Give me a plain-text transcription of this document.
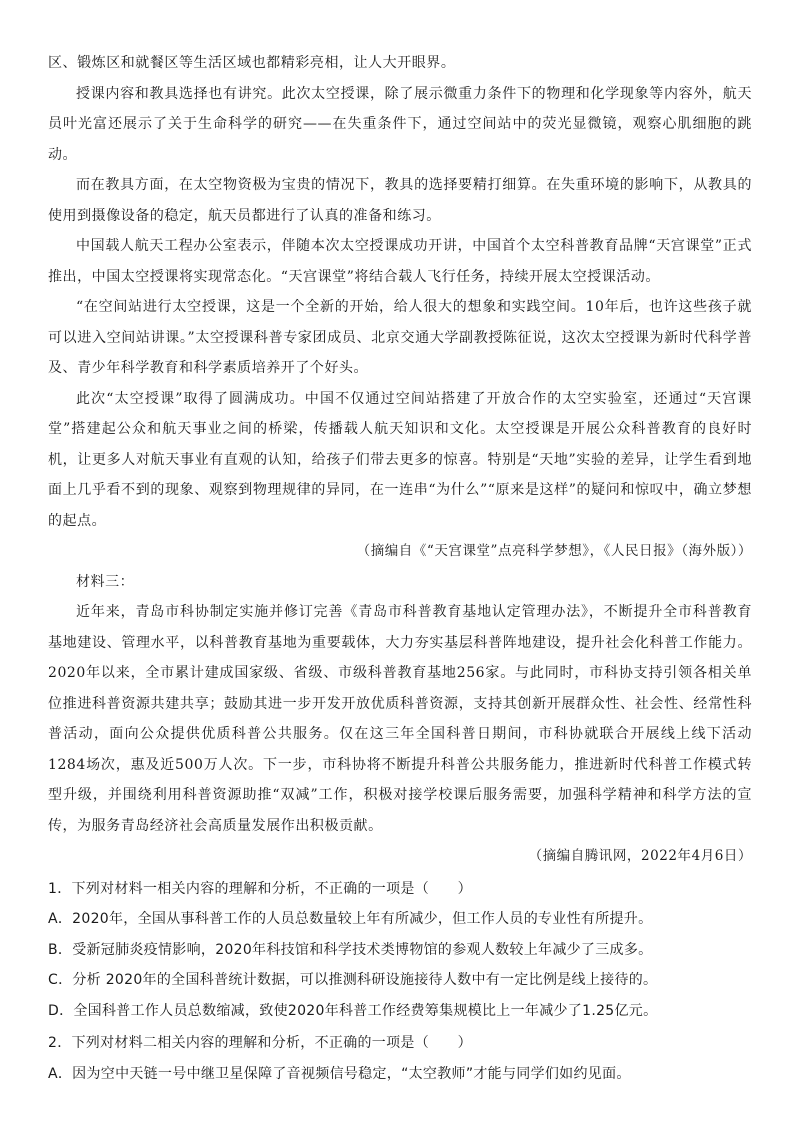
区、锻炼区和就餐区等生活区域也都精彩亮相，让人大开眼界。

授课内容和教具选择也有讲究。此次太空授课，除了展示微重力条件下的物理和化学现象等内容外，航天员叶光富还展示了关于生命科学的研究——在失重条件下，通过空间站中的荧光显微镜，观察心肌细胞的跳动。

而在教具方面，在太空物资极为宝贵的情况下，教具的选择要精打细算。在失重环境的影响下，从教具的使用到摄像设备的稳定，航天员都进行了认真的准备和练习。

中国载人航天工程办公室表示，伴随本次太空授课成功开讲，中国首个太空科普教育品牌“天宫课堂”正式推出，中国太空授课将实现常态化。“天宫课堂”将结合载人飞行任务，持续开展太空授课活动。

“在空间站进行太空授课，这是一个全新的开始，给人很大的想象和实践空间。10年后，也许这些孩子就可以进入空间站讲课。”太空授课科普专家团成员、北京交通大学副教授陈征说，这次太空授课为新时代科学普及、青少年科学教育和科学素质培养开了个好头。

此次“太空授课”取得了圆满成功。中国不仅通过空间站搭建了开放合作的太空实验室，还通过“天宫课堂”搭建起公众和航天事业之间的桥梁，传播载人航天知识和文化。太空授课是开展公众科普教育的良好时机，让更多人对航天事业有直观的认知，给孩子们带去更多的惊喜。特别是“天地”实验的差异，让学生看到地面上几乎看不到的现象、观察到物理规律的异同，在一连串“为什么”“原来是这样”的疑问和惊叹中，确立梦想的起点。

（摘编自《“天宫课堂”点亮科学梦想》，《人民日报》（海外版））

材料三：

近年来，青岛市科协制定实施并修订完善《青岛市科普教育基地认定管理办法》，不断提升全市科普教育基地建设、管理水平，以科普教育基地为重要载体，大力夯实基层科普阵地建设，提升社会化科普工作能力。2020年以来，全市累计建成国家级、省级、市级科普教育基地256家。与此同时，市科协支持引领各相关单位推进科普资源共建共享；鼓励其进一步开发开放优质科普资源，支持其创新开展群众性、社会性、经常性科普活动，面向公众提供优质科普公共服务。仅在这三年全国科普日期间，市科协就联合开展线上线下活动1284场次，惠及近500万人次。下一步，市科协将不断提升科普公共服务能力，推进新时代科普工作模式转型升级，并围绕利用科普资源助推“双减”工作，积极对接学校课后服务需要，加强科学精神和科学方法的宣传，为服务青岛经济社会高质量发展作出积极贡献。

（摘编自腾讯网，2022年4月6日）

1．下列对材料一相关内容的理解和分析，不正确的一项是（　　）

A．2020年，全国从事科普工作的人员总数量较上年有所减少，但工作人员的专业性有所提升。

B．受新冠肺炎疫情影响，2020年科技馆和科学技术类博物馆的参观人数较上年减少了三成多。

C．分析 2020年的全国科普统计数据，可以推测科研设施接待人数中有一定比例是线上接待的。

D．全国科普工作人员总数缩减，致使2020年科普工作经费筹集规模比上一年减少了1.25亿元。

2．下列对材料二相关内容的理解和分析，不正确的一项是（　　）

A．因为空中天链一号中继卫星保障了音视频信号稳定，“太空教师”才能与同学们如约见面。
